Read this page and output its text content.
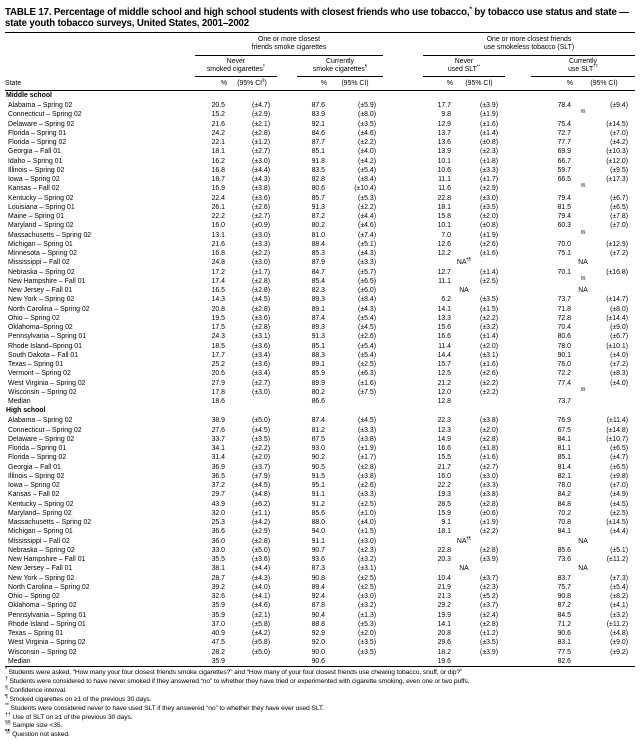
TABLE 17. Percentage of middle school and high school students with closest friends who use tobacco,* by tobacco use status and state — state youth tobacco surveys, United States, 2001–2002

One or more closest
friends smoke cigarettes

One or more closest friends
use smokeless tobacco (SLT)

Never
smoked cigarettes†

Currently
smoke cigarettes¶

Never
used SLT**

Currently
use SLT††

State	%	(95% CI§)		%	(95% CI)		%	(95% CI)		%	(95% CI)
Middle school											
Alabama – Spring 02	20.5	(±4.7)		87.6	(±5.9)		17.7	(±3.9)		78.4	(±9.4)
Connecticut – Spring 02	15.2	(±2.9)		83.9	(±8.0)		9.8	(±1.9)		§§
Delaware – Spring 02	21.6	(±2.1)		92.1	(±3.5)		12.9	(±1.6)		75.4	(±14.5)
Florida – Spring 01	24.2	(±2.8)		84.6	(±4.6)		13.7	(±1.4)		72.7	(±7.0)
Florida – Spring 02	22.1	(±1.2)		87.7	(±2.2)		13.6	(±0.8)		77.7	(±4.2)
Georgia – Fall 01	18.1	(±2.7)		85.1	(±4.0)		13.9	(±2.3)		69.9	(±10.3)
Idaho – Spring 01	16.2	(±3.0)		91.8	(±4.2)		10.1	(±1.8)		66.7	(±12.0)
Illinois – Spring 02	16.8	(±4.4)		83.5	(±5.4)		10.6	(±3.3)		59.7	(±9.5)
Iowa – Spring 02	18.7	(±4.3)		82.8	(±8.4)		11.1	(±1.7)		66.5	(±17.3)
Kansas – Fall 02	16.9	(±3.8)		80.6	(±10.4)		11.6	(±2.9)		§§
Kentucky – Spring 02	22.4	(±3.6)		85.7	(±5.3)		22.8	(±3.0)		79.4	(±6.7)
Louisiana – Spring 01	26.1	(±2.6)		91.3	(±2.2)		18.1	(±3.5)		81.5	(±6.5)
Maine – Spring 01	22.2	(±2.7)		87.2	(±4.4)		15.8	(±2.0)		79.4	(±7.8)
Maryland – Spring 02	16.0	(±0.9)		80.2	(±4.6)		10.1	(±0.8)		60.3	(±7.0)
Massachusetts – Spring 02	13.1	(±3.0)		81.0	(±7.4)		7.0	(±1.9)		§§
Michigan – Spring 01	21.6	(±3.3)		88.4	(±5.1)		12.6	(±2.6)		70.0	(±12.9)
Minnesota – Spring 02	16.8	(±2.2)		85.3	(±4.3)		12.2	(±1.6)		75.1	(±7.2)
Mississippi – Fall 02	24.8	(±3.0)		87.9	(±3.3)		NA¶¶			NA	
Nebraska – Spring 02	17.2	(±1.7)		84.7	(±5.7)		12.7	(±1.4)		70.1	(±16.8)
New Hampshire – Fall 01	17.4	(±2.8)		85.4	(±6.5)		11.1	(±2.5)		§§
New Jersey – Fall 01	16.5	(±2.8)		82.3	(±6.0)		NA			NA	
New York – Spring 02	14.3	(±4.5)		89.3	(±8.4)		6.2	(±3.5)		73.7	(±14.7)
North Carolina – Spring 02	20.8	(±2.8)		89.1	(±4.3)		14.1	(±1.5)		71.8	(±8.0)
Ohio – Spring 02	19.5	(±3.6)		87.4	(±5.4)		13.3	(±2.2)		72.8	(±14.4)
Oklahoma–Spring 02	17.5	(±2.8)		89.3	(±4.5)		15.6	(±3.2)		70.4	(±9.0)
Pennsylvania – Spring 01	24.3	(±3.1)		91.3	(±2.6)		16.6	(±1.4)		80.6	(±6.7)
Rhode Island–Spring 01	18.5	(±3.6)		85.1	(±5.4)		11.4	(±2.0)		78.0	(±10.1)
South Dakota – Fall 01	17.7	(±3.4)		88.3	(±5.4)		14.4	(±3.1)		90.1	(±4.0)
Texas – Spring 01	25.2	(±3.6)		89.1	(±2.5)		15.7	(±1.6)		76.0	(±7.2)
Vermont – Spring 02	20.6	(±3.4)		85.9	(±6.3)		12.5	(±2.6)		72.2	(±8.3)
West Virginia – Spring 02	27.9	(±2.7)		89.9	(±1.6)		21.2	(±2.2)		77.4	(±4.0)
Wisconsin – Spring 02	17.8	(±3.0)		80.2	(±7.5)		12.0	(±2.2)		§§
Median	18.6			86.6			12.8			73.7	
High school											
Alabama – Spring 02	38.9	(±5.0)		87.4	(±4.5)		22.3	(±3.8)		76.9	(±11.4)
Connecticut – Spring 02	27.6	(±4.5)		81.2	(±3.3)		12.3	(±2.0)		67.5	(±14.8)
Delaware – Spring 02	33.7	(±3.5)		87.5	(±3.8)		14.9	(±2.8)		84.1	(±10.7)
Florida – Spring 01	34.1	(±2.2)		93.0	(±1.9)		16.6	(±1.8)		81.1	(±6.5)
Florida – Spring 02	31.4	(±2.0)		90.2	(±1.7)		15.5	(±1.6)		85.1	(±4.7)
Georgia – Fall 01	36.9	(±3.7)		90.5	(±2.8)		21.7	(±2.7)		81.4	(±6.5)
Illinois – Spring 02	36.5	(±7.9)		91.5	(±3.8)		16.0	(±3.0)		82.1	(±9.8)
Iowa – Spring 02	37.2	(±4.5)		95.1	(±2.6)		22.2	(±3.3)		78.0	(±7.0)
Kansas – Fall 02	29.7	(±4.8)		91.1	(±3.3)		19.3	(±3.8)		84.2	(±4.9)
Kentucky – Spring 02	43.9	(±6.2)		91.2	(±2.5)		28.5	(±2.8)		84.8	(±4.5)
Maryland– Spring 02	32.0	(±1.1)		85.6	(±1.0)		15.9	(±0.6)		70.2	(±2.5)
Massachusetts – Spring 02	25.3	(±4.2)		88.0	(±4.0)		9.1	(±1.9)		70.8	(±14.5)
Michigan – Spring 01	36.6	(±2.9)		94.0	(±1.5)		18.1	(±2.2)		84.1	(±4.4)
Mississippi – Fall 02	36.0	(±2.8)		91.1	(±3.0)		NA¶¶			NA	
Nebraska – Spring 02	33.0	(±5.0)		90.7	(±2.3)		22.8	(±2.8)		85.6	(±5.1)
New Hampshire – Fall 01	35.5	(±3.6)		93.6	(±3.2)		20.3	(±3.9)		73.6	(±11.2)
New Jersey – Fall 01	38.1	(±4.4)		87.3	(±3.1)		NA			NA	
New York – Spring 02	28.7	(±4.3)		90.8	(±2.5)		10.4	(±3.7)		83.7	(±7.3)
North Carolina – Spring 02	39.2	(±4.0)		89.4	(±2.5)		21.9	(±2.3)		75.7	(±5.4)
Ohio – Spring 02	32.6	(±4.1)		92.4	(±3.0)		21.3	(±5.2)		90.8	(±8.2)
Oklahoma – Spring 02	35.9	(±4.6)		87.8	(±3.2)		29.2	(±3.7)		87.2	(±4.1)
Pennsylvania – Spring 01	35.9	(±2.1)		90.4	(±1.3)		19.9	(±2.4)		84.5	(±3.2)
Rhode Island – Spring 01	37.0	(±5.8)		88.8	(±5.3)		14.1	(±2.8)		71.2	(±11.2)
Texas – Spring 01	40.9	(±4.2)		92.9	(±2.0)		20.8	(±1.2)		90.6	(±4.8)
West Virginia – Spring 02	47.5	(±5.8)		92.0	(±3.5)		29.6	(±3.5)		83.1	(±9.0)
Wisconsin – Spring 02	28.2	(±5.0)		90.0	(±3.5)		18.2	(±3.9)		77.5	(±9.2)
Median	35.9			90.6			19.6			82.6	
* Students were asked, “How many your four closest friends smoke cigarettes?” and “How many of your four closest friends use chewing tobacco, snuff, or dip?”
† Students were considered to have never smoked if they answered “no” to whether they have tried or experimented with cigarette smoking, even one or two puffs.
§ Confidence interval.
¶ Smoked cigarettes on ≥1 of the previous 30 days.
** Students were considered never to have used SLT if they answered “no” to whether they have ever used SLT.
†† Use of SLT on ≥1 of the previous 30 days.
§§ Sample size <35.
¶¶ Question not asked.
